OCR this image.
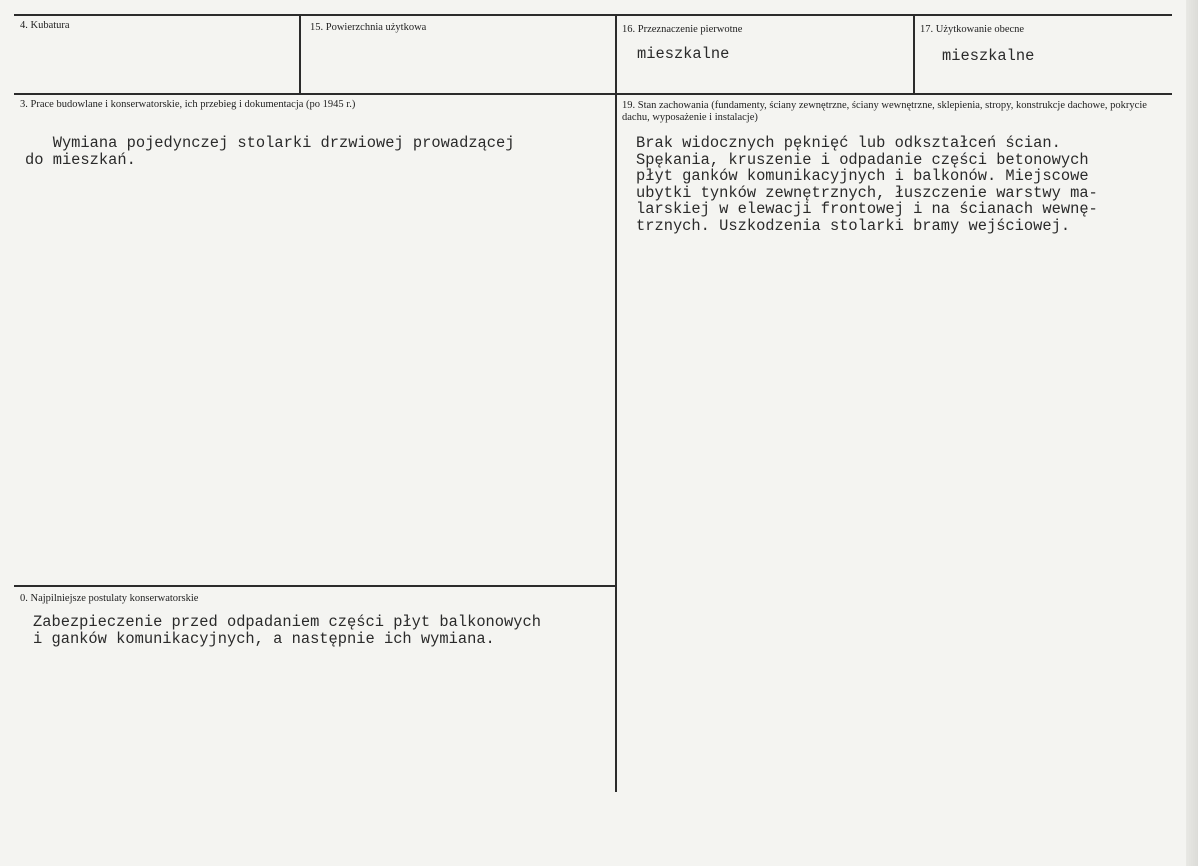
4. Kubatura	15. Powierzchnia użytkowa	16. Przeznaczenie pierwotne
mieszkalne
17. Użytkowanie obecne
mieszkalne
3. Prace budowlane i konserwatorskie, ich przebieg i dokumentacja (po 1945 r.)
Wymiana pojedynczej stolarki drzwiowej prowadzącej
do mieszkań.
19. Stan zachowania (fundamenty, ściany zewnętrzne, ściany wewnętrzne, sklepienia, stropy, konstrukcje dachowe, pokrycie dachu, wyposażenie i instalacje)
Brak widocznych pęknięć lub odkształceń ścian.
Spękania, kruszenie i odpadanie części betonowych
płyt ganków komunikacyjnych i balkonów. Miejscowe
ubytki tynków zewnętrznych, łuszczenie warstwy ma-
larskiej w elewacji frontowej i na ścianach wewnę-
trznych. Uszkodzenia stolarki bramy wejściowej.
0. Najpilniejsze postulaty konserwatorskie
Zabezpieczenie przed odpadaniem części płyt balkonowych
i ganków komunikacyjnych, a następnie ich wymiana.
